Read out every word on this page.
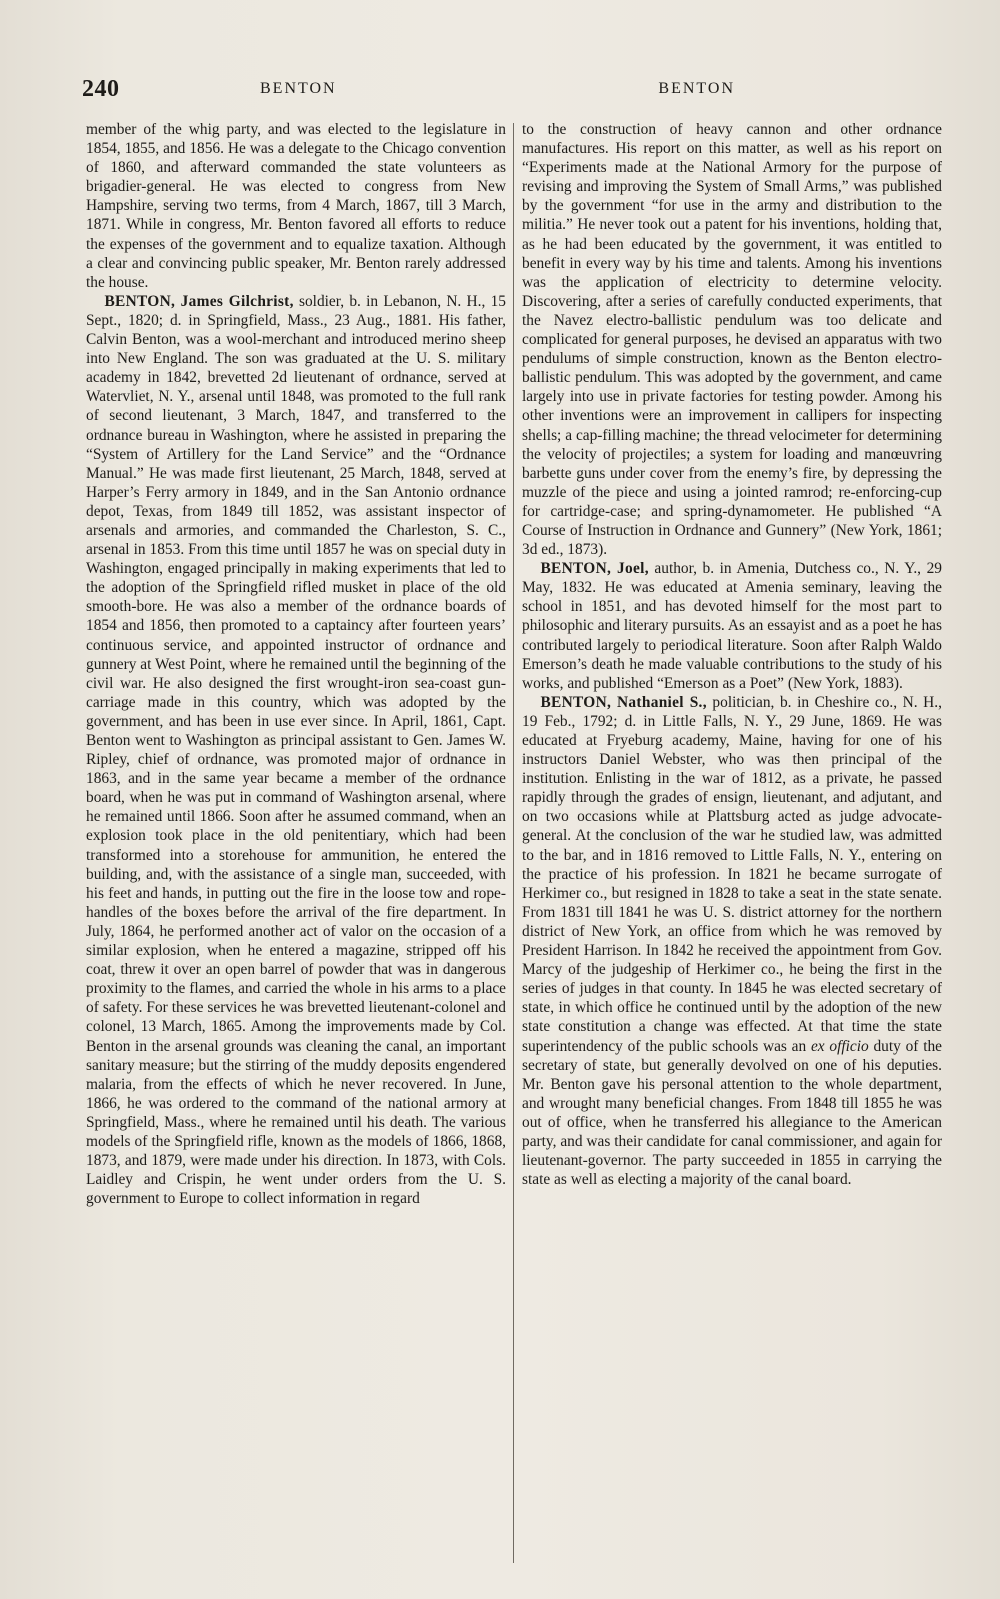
240	BENTON	BENTON

member of the whig party, and was elected to the legislature in 1854, 1855, and 1856. He was a delegate to the Chicago convention of 1860, and afterward commanded the state volunteers as brigadier-general. He was elected to congress from New Hampshire, serving two terms, from 4 March, 1867, till 3 March, 1871. While in congress, Mr. Benton favored all efforts to reduce the expenses of the government and to equalize taxation. Although a clear and convincing public speaker, Mr. Benton rarely addressed the house.

BENTON, James Gilchrist, soldier, b. in Lebanon, N. H., 15 Sept., 1820; d. in Springfield, Mass., 23 Aug., 1881. His father, Calvin Benton, was a wool-merchant and introduced merino sheep into New England. The son was graduated at the U. S. military academy in 1842, brevetted 2d lieutenant of ordnance, served at Watervliet, N. Y., arsenal until 1848, was promoted to the full rank of second lieutenant, 3 March, 1847, and transferred to the ordnance bureau in Washington, where he assisted in preparing the “System of Artillery for the Land Service” and the “Ordnance Manual.” He was made first lieutenant, 25 March, 1848, served at Harper’s Ferry armory in 1849, and in the San Antonio ordnance depot, Texas, from 1849 till 1852, was assistant inspector of arsenals and armories, and commanded the Charleston, S. C., arsenal in 1853. From this time until 1857 he was on special duty in Washington, engaged principally in making experiments that led to the adoption of the Springfield rifled musket in place of the old smooth-bore. He was also a member of the ordnance boards of 1854 and 1856, then promoted to a captaincy after fourteen years’ continuous service, and appointed instructor of ordnance and gunnery at West Point, where he remained until the beginning of the civil war. He also designed the first wrought-iron sea-coast gun-carriage made in this country, which was adopted by the government, and has been in use ever since. In April, 1861, Capt. Benton went to Washington as principal assistant to Gen. James W. Ripley, chief of ordnance, was promoted major of ordnance in 1863, and in the same year became a member of the ordnance board, when he was put in command of Washington arsenal, where he remained until 1866. Soon after he assumed command, when an explosion took place in the old penitentiary, which had been transformed into a storehouse for ammunition, he entered the building, and, with the assistance of a single man, succeeded, with his feet and hands, in putting out the fire in the loose tow and rope-handles of the boxes before the arrival of the fire department. In July, 1864, he performed another act of valor on the occasion of a similar explosion, when he entered a magazine, stripped off his coat, threw it over an open barrel of powder that was in dangerous proximity to the flames, and carried the whole in his arms to a place of safety. For these services he was brevetted lieutenant-colonel and colonel, 13 March, 1865. Among the improvements made by Col. Benton in the arsenal grounds was cleaning the canal, an important sanitary measure; but the stirring of the muddy deposits engendered malaria, from the effects of which he never recovered. In June, 1866, he was ordered to the command of the national armory at Springfield, Mass., where he remained until his death. The various models of the Springfield rifle, known as the models of 1866, 1868, 1873, and 1879, were made under his direction. In 1873, with Cols. Laidley and Crispin, he went under orders from the U. S. government to Europe to collect information in regard

to the construction of heavy cannon and other ordnance manufactures. His report on this matter, as well as his report on “Experiments made at the National Armory for the purpose of revising and improving the System of Small Arms,” was published by the government “for use in the army and distribution to the militia.” He never took out a patent for his inventions, holding that, as he had been educated by the government, it was entitled to benefit in every way by his time and talents. Among his inventions was the application of electricity to determine velocity. Discovering, after a series of carefully conducted experiments, that the Navez electro-ballistic pendulum was too delicate and complicated for general purposes, he devised an apparatus with two pendulums of simple construction, known as the Benton electro-ballistic pendulum. This was adopted by the government, and came largely into use in private factories for testing powder. Among his other inventions were an improvement in callipers for inspecting shells; a cap-filling machine; the thread velocimeter for determining the velocity of projectiles; a system for loading and manœuvring barbette guns under cover from the enemy’s fire, by depressing the muzzle of the piece and using a jointed ramrod; re-enforcing-cup for cartridge-case; and spring-dynamometer. He published “A Course of Instruction in Ordnance and Gunnery” (New York, 1861; 3d ed., 1873).

BENTON, Joel, author, b. in Amenia, Dutchess co., N. Y., 29 May, 1832. He was educated at Amenia seminary, leaving the school in 1851, and has devoted himself for the most part to philosophic and literary pursuits. As an essayist and as a poet he has contributed largely to periodical literature. Soon after Ralph Waldo Emerson’s death he made valuable contributions to the study of his works, and published “Emerson as a Poet” (New York, 1883).

BENTON, Nathaniel S., politician, b. in Cheshire co., N. H., 19 Feb., 1792; d. in Little Falls, N. Y., 29 June, 1869. He was educated at Fryeburg academy, Maine, having for one of his instructors Daniel Webster, who was then principal of the institution. Enlisting in the war of 1812, as a private, he passed rapidly through the grades of ensign, lieutenant, and adjutant, and on two occasions while at Plattsburg acted as judge advocate-general. At the conclusion of the war he studied law, was admitted to the bar, and in 1816 removed to Little Falls, N. Y., entering on the practice of his profession. In 1821 he became surrogate of Herkimer co., but resigned in 1828 to take a seat in the state senate. From 1831 till 1841 he was U. S. district attorney for the northern district of New York, an office from which he was removed by President Harrison. In 1842 he received the appointment from Gov. Marcy of the judgeship of Herkimer co., he being the first in the series of judges in that county. In 1845 he was elected secretary of state, in which office he continued until by the adoption of the new state constitution a change was effected. At that time the state superintendency of the public schools was an ex officio duty of the secretary of state, but generally devolved on one of his deputies. Mr. Benton gave his personal attention to the whole department, and wrought many beneficial changes. From 1848 till 1855 he was out of office, when he transferred his allegiance to the American party, and was their candidate for canal commissioner, and again for lieutenant-governor. The party succeeded in 1855 in carrying the state as well as electing a majority of the canal board.
